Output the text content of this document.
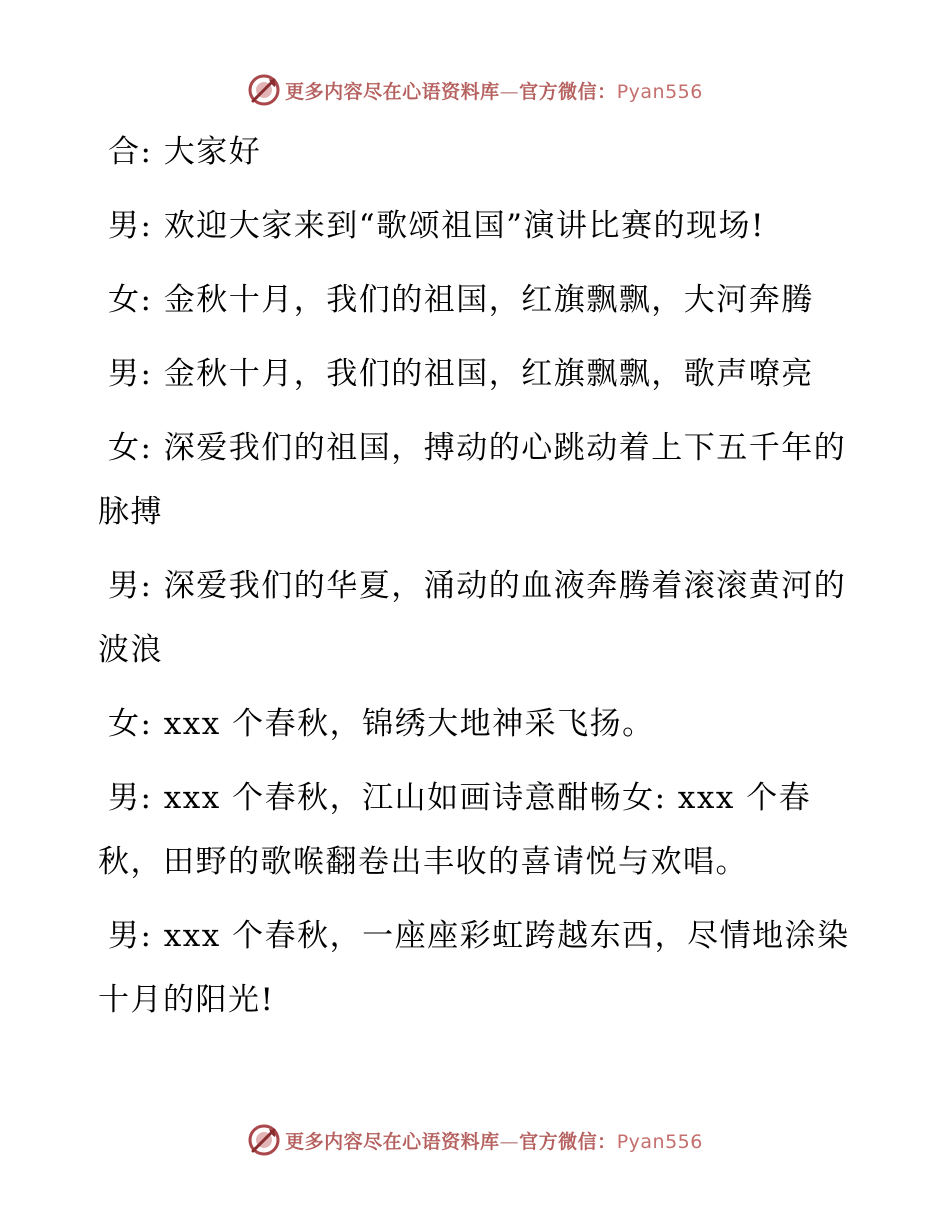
更多内容尽在心语资料库—官方微信：Pyan556

合: 大家好

男: 欢迎大家来到“歌颂祖国”演讲比赛的现场!

女: 金秋十月，我们的祖国，红旗飘飘，大河奔腾

男: 金秋十月，我们的祖国，红旗飘飘，歌声嘹亮

女: 深爱我们的祖国，搏动的心跳动着上下五千年的脉搏

男: 深爱我们的华夏，涌动的血液奔腾着滚滚黄河的波浪

女: xxx 个春秋，锦绣大地神采飞扬。

男: xxx 个春秋，江山如画诗意酣畅女: xxx 个春秋，田野的歌喉翻卷出丰收的喜请悦与欢唱。

男: xxx 个春秋，一座座彩虹跨越东西，尽情地涂染十月的阳光!

更多内容尽在心语资料库—官方微信：Pyan556
